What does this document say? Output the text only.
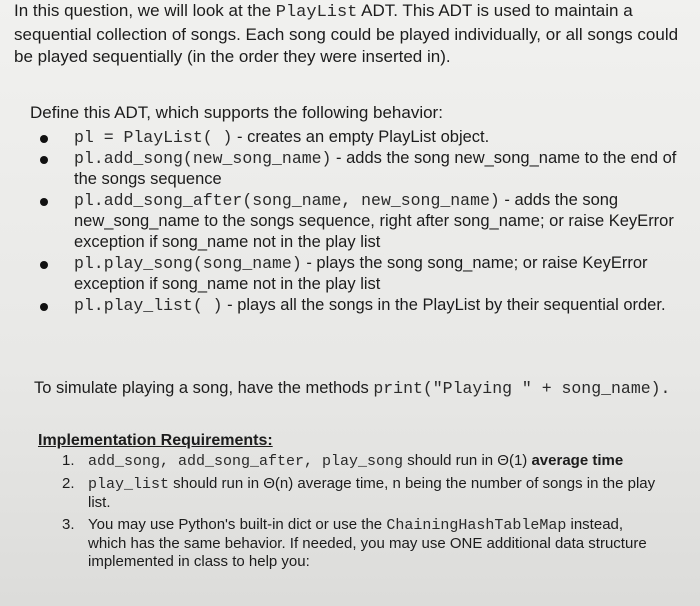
In this question, we will look at the PlayList ADT. This ADT is used to maintain a sequential collection of songs. Each song could be played individually, or all songs could be played sequentially (in the order they were inserted in).
Define this ADT, which supports the following behavior:
pl = PlayList( ) - creates an empty PlayList object.
pl.add_song(new_song_name) - adds the song new_song_name to the end of the songs sequence
pl.add_song_after(song_name, new_song_name) - adds the song new_song_name to the songs sequence, right after song_name; or raise KeyError exception if song_name not in the play list
pl.play_song(song_name) - plays the song song_name; or raise KeyError exception if song_name not in the play list
pl.play_list( ) - plays all the songs in the PlayList by their sequential order.
To simulate playing a song, have the methods print("Playing " + song_name).
Implementation Requirements:
1. add_song, add_song_after, play_song should run in Θ(1) average time
2. play_list should run in Θ(n) average time, n being the number of songs in the play list.
3. You may use Python's built-in dict or use the ChainingHashTableMap instead, which has the same behavior. If needed, you may use ONE additional data structure implemented in class to help you:
